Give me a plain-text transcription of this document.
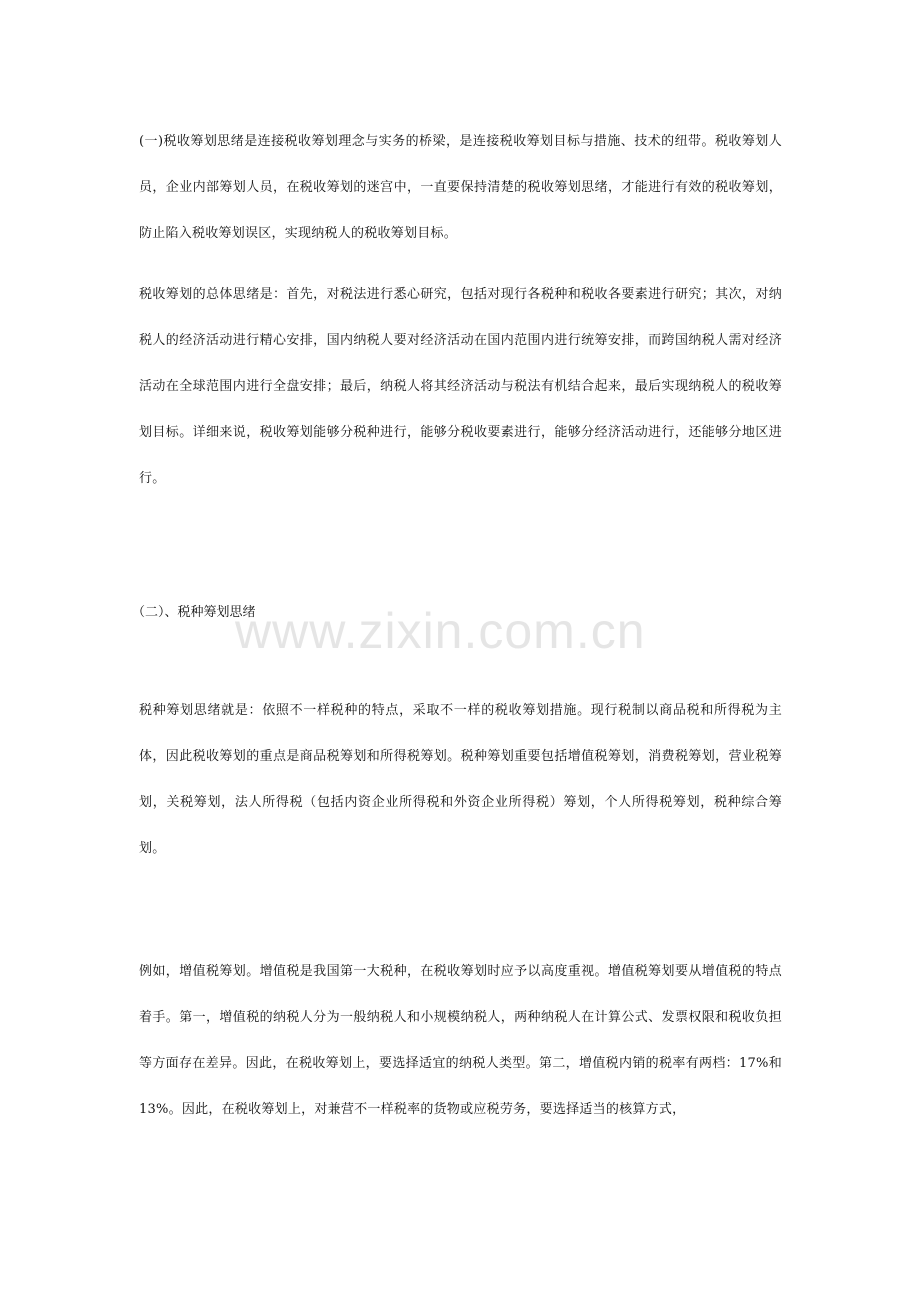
(一)税收筹划思绪是连接税收筹划理念与实务的桥梁，是连接税收筹划目标与措施、技术的纽带。税收筹划人员，企业内部筹划人员，在税收筹划的迷宫中，一直要保持清楚的税收筹划思绪，才能进行有效的税收筹划，防止陷入税收筹划误区，实现纳税人的税收筹划目标。

税收筹划的总体思绪是：首先，对税法进行悉心研究，包括对现行各税种和税收各要素进行研究；其次，对纳税人的经济活动进行精心安排，国内纳税人要对经济活动在国内范围内进行统筹安排，而跨国纳税人需对经济活动在全球范围内进行全盘安排；最后，纳税人将其经济活动与税法有机结合起来，最后实现纳税人的税收筹划目标。详细来说，税收筹划能够分税种进行，能够分税收要素进行，能够分经济活动进行，还能够分地区进行。

（二）、税种筹划思绪

www.zixin.com.cn

税种筹划思绪就是：依照不一样税种的特点，采取不一样的税收筹划措施。现行税制以商品税和所得税为主体，因此税收筹划的重点是商品税筹划和所得税筹划。税种筹划重要包括增值税筹划，消费税筹划，营业税筹划，关税筹划，法人所得税（包括内资企业所得税和外资企业所得税）筹划，个人所得税筹划，税种综合筹划。

例如，增值税筹划。增值税是我国第一大税种，在税收筹划时应予以高度重视。增值税筹划要从增值税的特点着手。第一，增值税的纳税人分为一般纳税人和小规模纳税人，两种纳税人在计算公式、发票权限和税收负担等方面存在差异。因此，在税收筹划上，要选择适宜的纳税人类型。第二，增值税内销的税率有两档：17%和13%。因此，在税收筹划上，对兼营不一样税率的货物或应税劳务，要选择适当的核算方式，
